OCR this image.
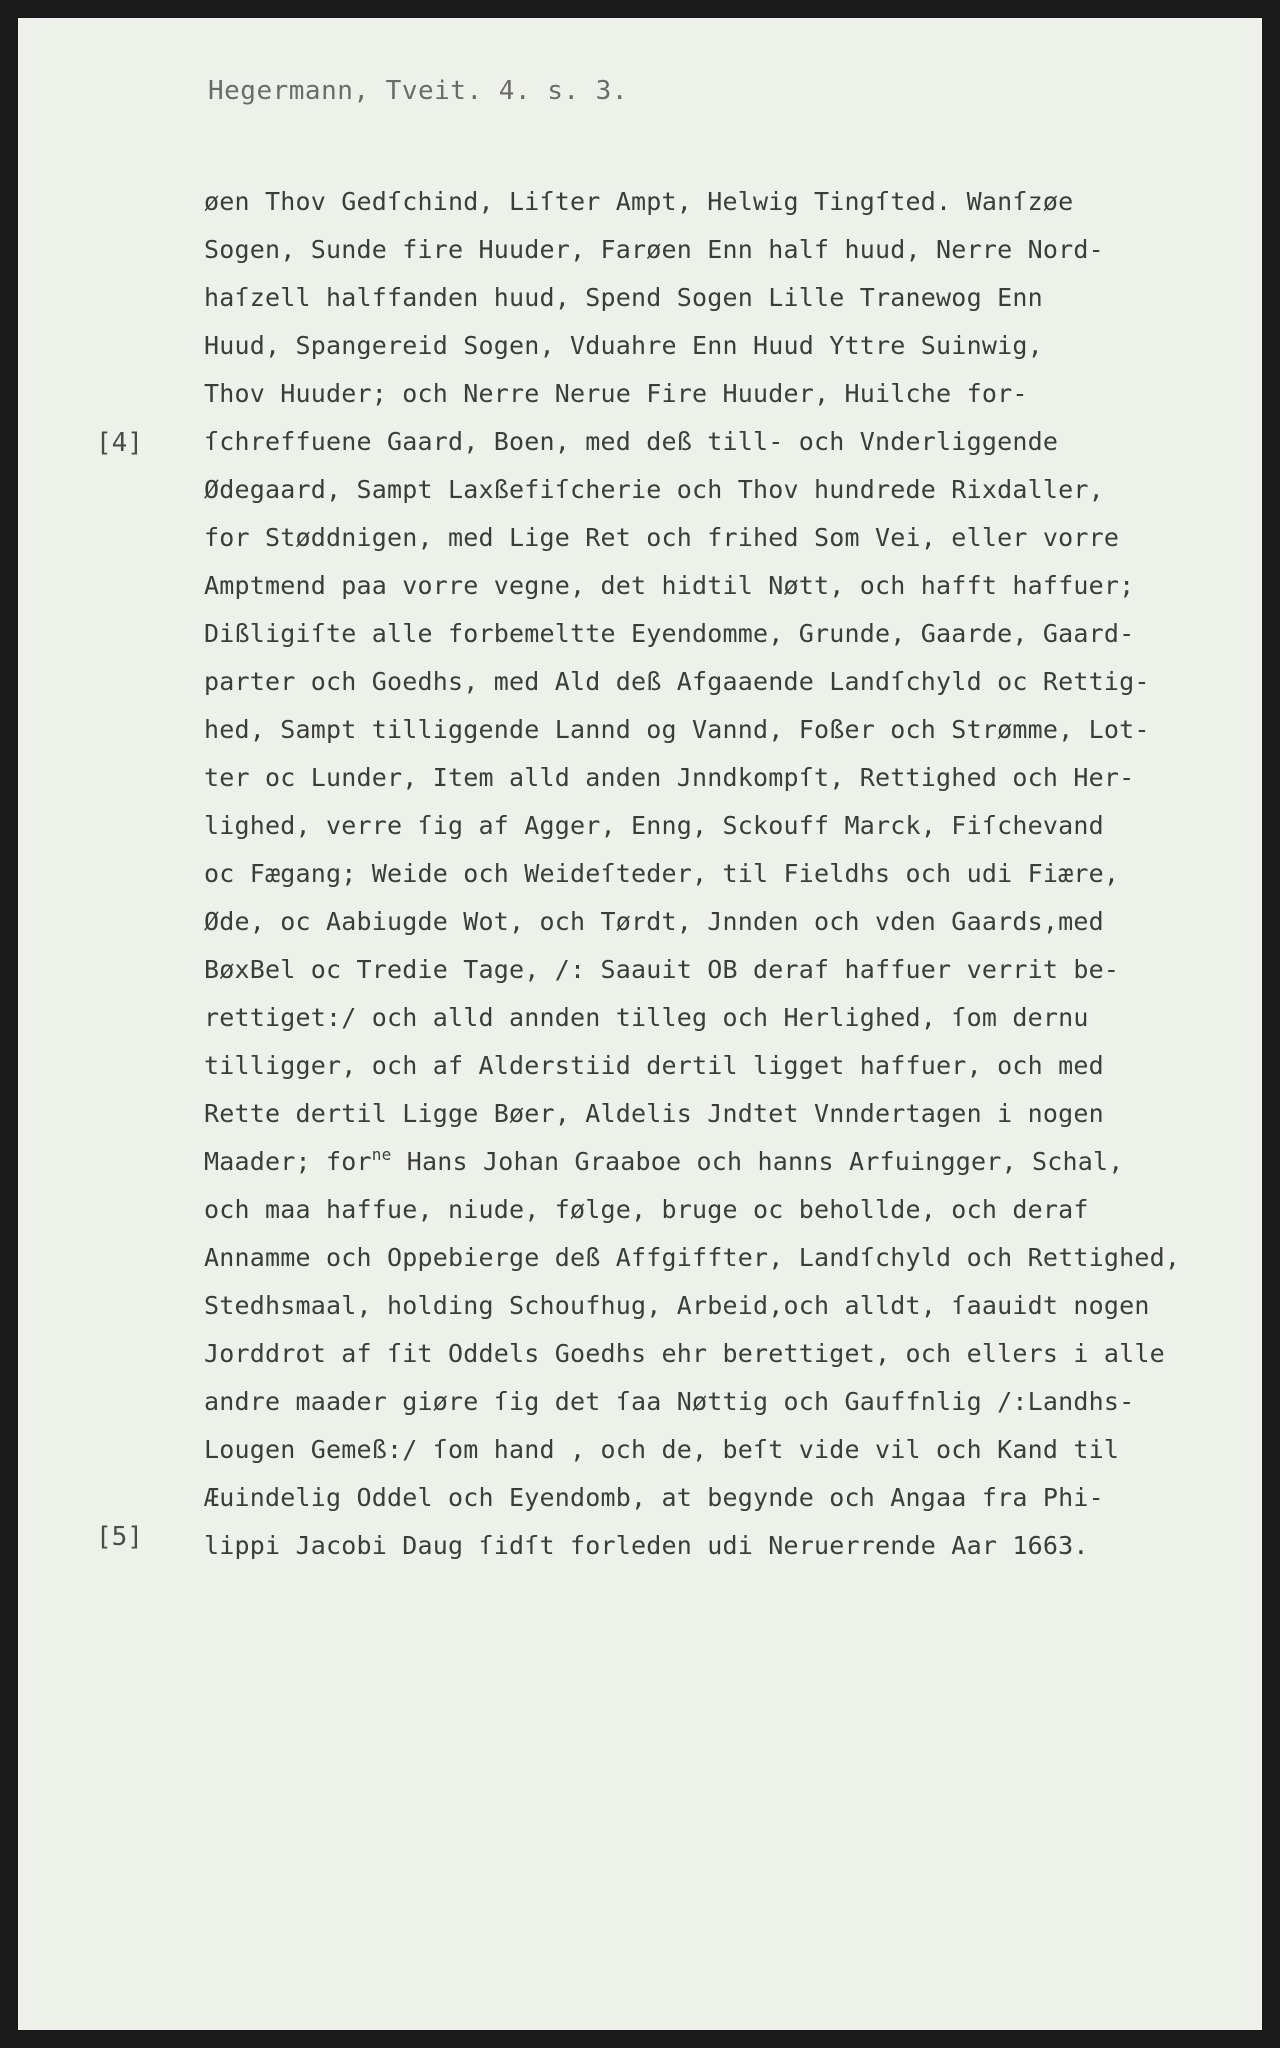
Hegermann, Tveit. 4. s. 3.
[4]
[5]
øen Thov Gedſchind, Liſter Ampt, Helwig Tingſted. Wanſzøe
Sogen, Sunde fire Huuder, Farøen Enn half huud, Nerre Nord-
haſzell halffanden huud, Spend Sogen Lille Tranewog Enn
Huud, Spangereid Sogen, Vduahre Enn Huud Yttre Suinwig,
Thov Huuder; och Nerre Nerue Fire Huuder, Huilche for-
ſchreffuene Gaard, Boen, med deß till- och Vnderliggende
Ødegaard, Sampt Laxßefiſcherie och Thov hundrede Rixdaller,
for Støddnigen, med Lige Ret och frihed Som Vei, eller vorre
Amptmend paa vorre vegne, det hidtil Nøtt, och hafft haffuer;
Dißligiſte alle forbemeltte Eyendomme, Grunde, Gaarde, Gaard-
parter och Goedhs, med Ald deß Afgaaende Landſchyld oc Rettig-
hed, Sampt tilliggende Lannd og Vannd, Foßer och Strømme, Lot-
ter oc Lunder, Item alld anden Jnndkompſt, Rettighed och Her-
lighed, verre ſig af Agger, Enng, Sckouff Marck, Fiſchevand
oc Fægang; Weide och Weideſteder, til Fieldhs och udi Fiære,
Øde, oc Aabiugde Wot, och Tørdt, Jnnden och vden Gaards,med
BøxBel oc Tredie Tage, /: Saauit OB deraf haffuer verrit be-
rettiget:/ och alld annden tilleg och Herlighed, ſom dernu
tilligger, och af Alderstiid dertil ligget haffuer, och med
Rette dertil Ligge Bøer, Aldelis Jndtet Vnndertagen i nogen
Maader; for$^{ne}$ Hans Johan Graaboe och hanns Arfuingger, Schal,
och maa haffue, niude, følge, bruge oc behollde, och deraf
Annamme och Oppebierge deß Affgiffter, Landſchyld och Rettighed,
Stedhsmaal, holding Schoufhug, Arbeid,och alldt, ſaauidt nogen
Jorddrot af ſit Oddels Goedhs ehr berettiget, och ellers i alle
andre maader giøre ſig det ſaa Nøttig och Gauffnlig /:Landhs-
Lougen Gemeß:/ ſom hand , och de, beſt vide vil och Kand til
Æuindelig Oddel och Eyendomb, at begynde och Angaa fra Phi-
lippi Jacobi Daug ſidſt forleden udi Neruerrende Aar 1663.
